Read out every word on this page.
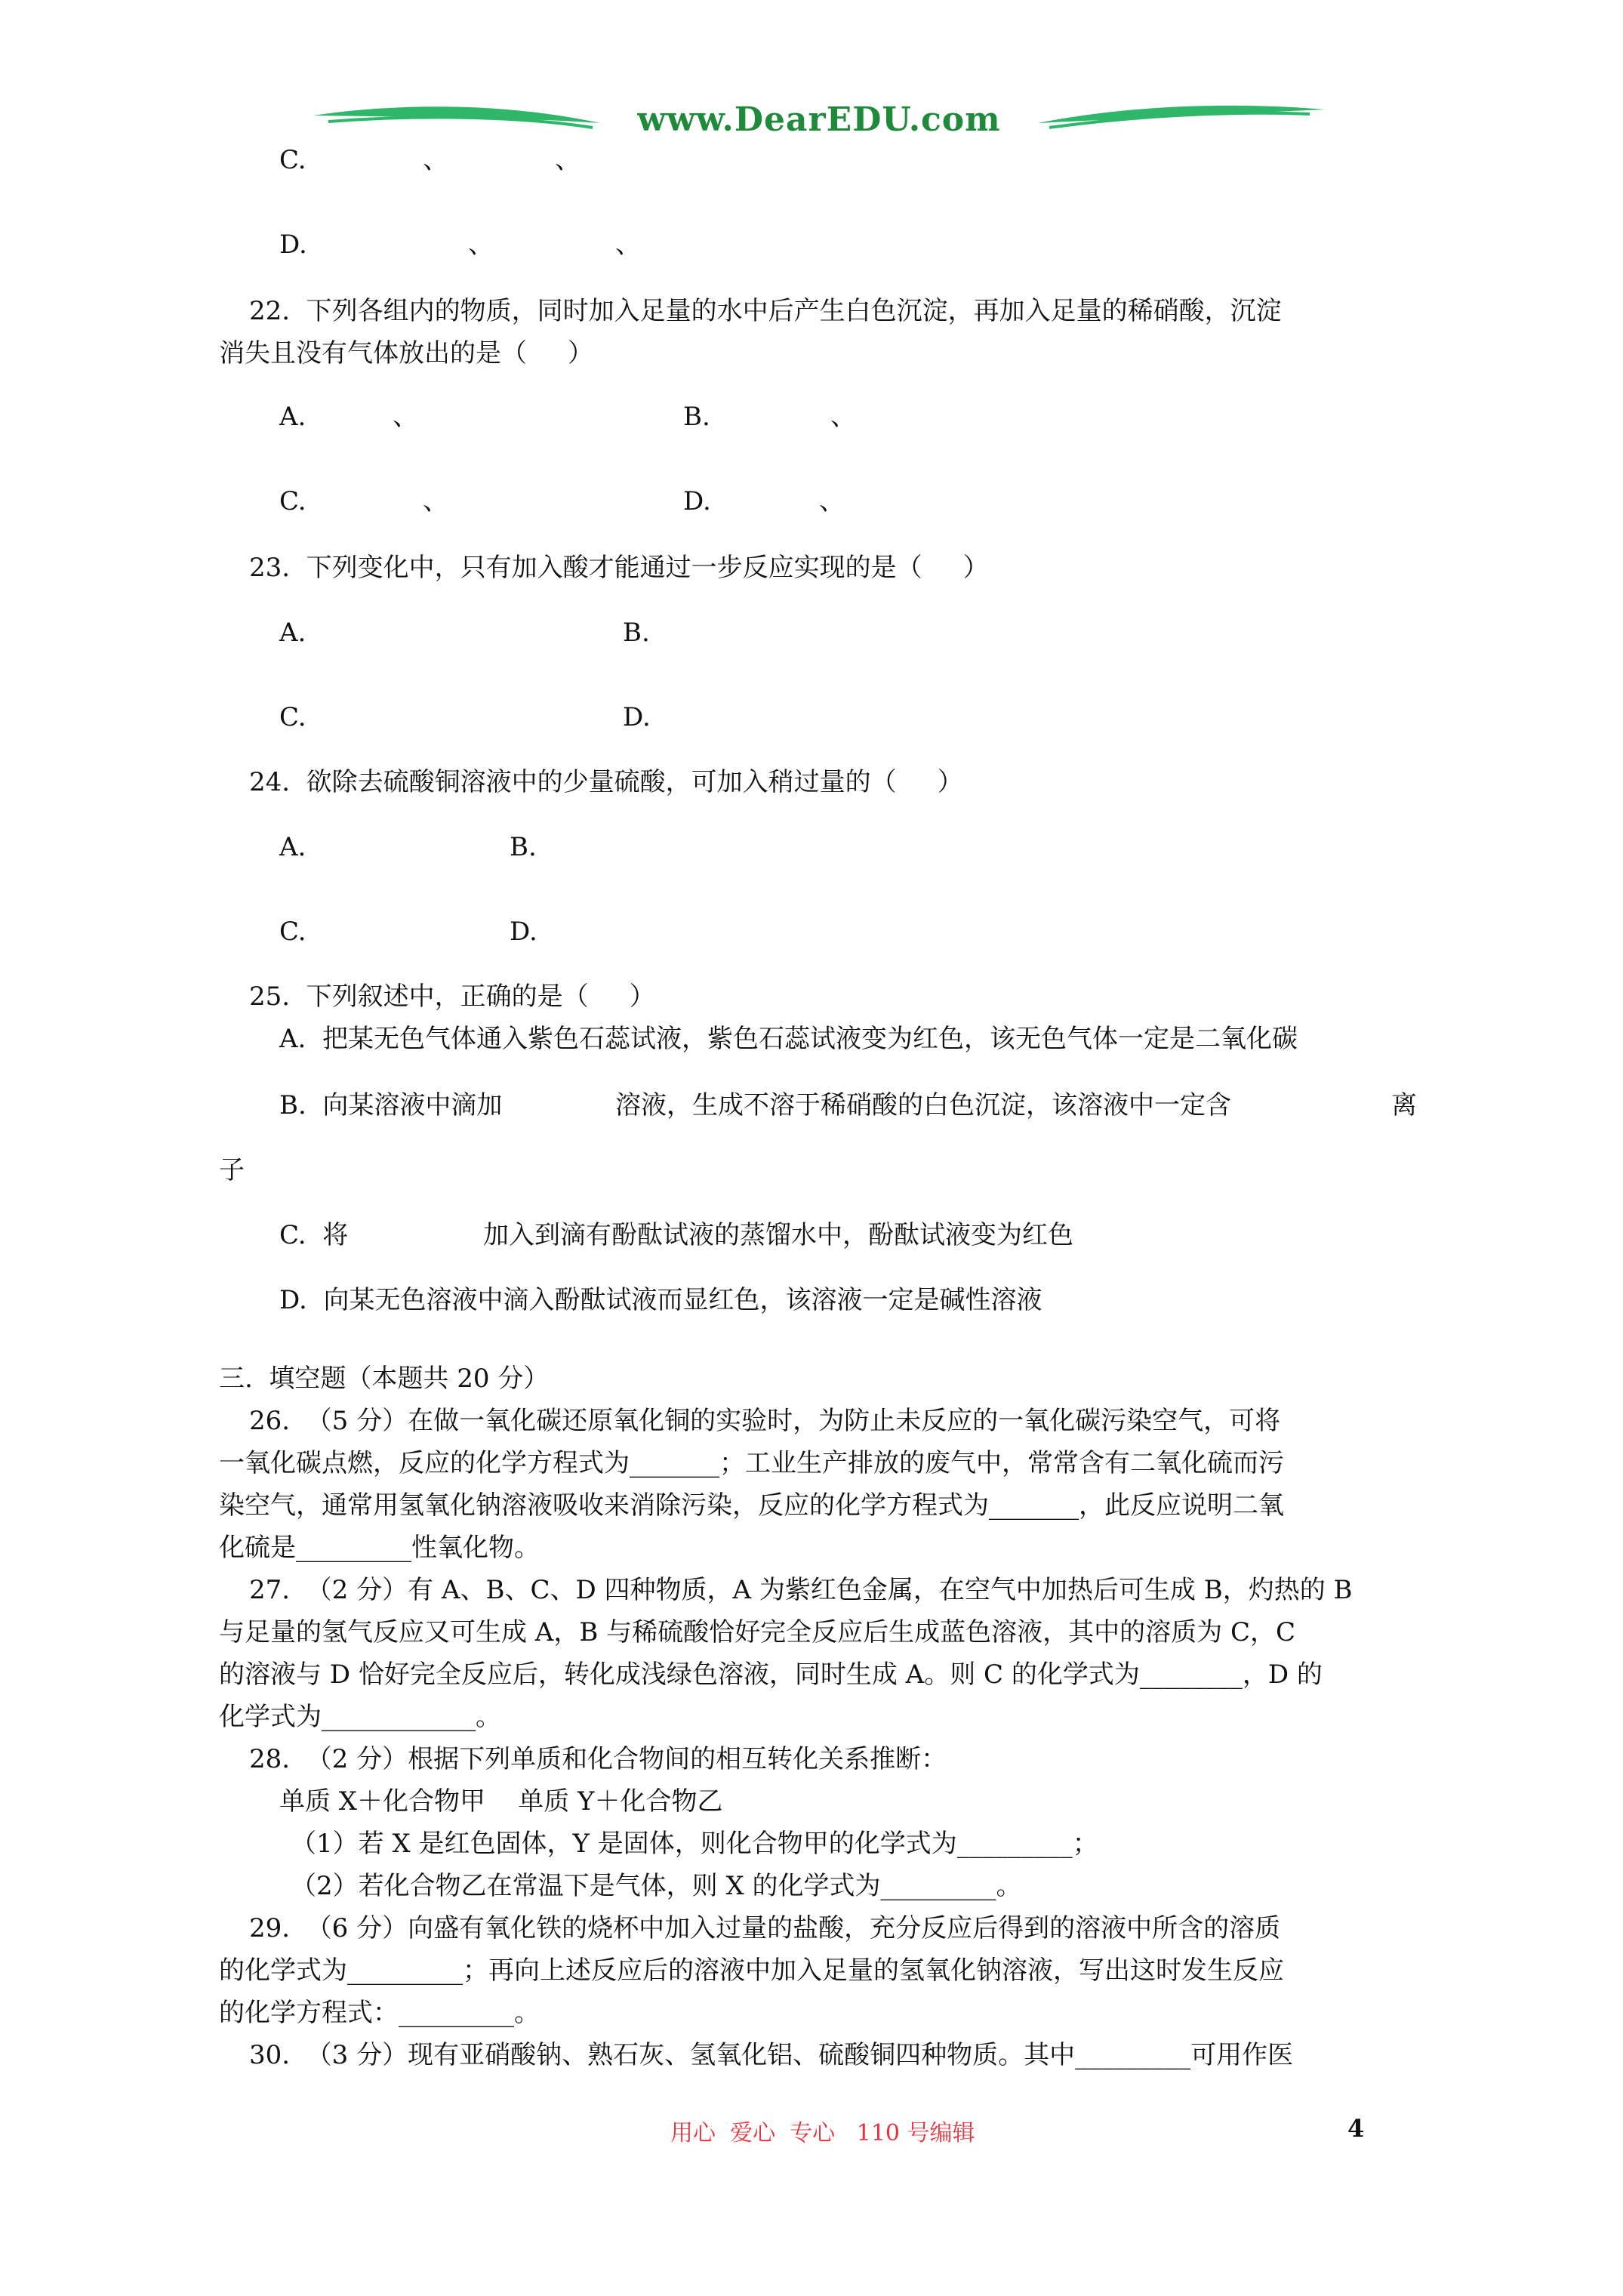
www.DearEDU.com
C.	、	、
D.	、	、
22.  下列各组内的物质，同时加入足量的水中后产生白色沉淀，再加入足量的稀硝酸，沉淀
消失且没有气体放出的是（     ）
A.	、	B.	、
C.	、	D.	、
23.  下列变化中，只有加入酸才能通过一步反应实现的是（     ）
A.	B.
C.	D.
24.  欲除去硫酸铜溶液中的少量硫酸，可加入稍过量的（     ）
A.	B.
C.	D.
25.  下列叙述中，正确的是（     ）
A.  把某无色气体通入紫色石蕊试液，紫色石蕊试液变为红色，该无色气体一定是二氧化碳
B.  向某溶液中滴加	溶液，生成不溶于稀硝酸的白色沉淀，该溶液中一定含	离
子
C.  将	加入到滴有酚酞试液的蒸馏水中，酚酞试液变为红色
D.  向某无色溶液中滴入酚酞试液而显红色，该溶液一定是碱性溶液
三.  填空题（本题共 20 分）
26.  （5 分）在做一氧化碳还原氧化铜的实验时，为防止未反应的一氧化碳污染空气，可将
一氧化碳点燃，反应的化学方程式为_______；工业生产排放的废气中，常常含有二氧化硫而污
染空气，通常用氢氧化钠溶液吸收来消除污染，反应的化学方程式为_______，此反应说明二氧
化硫是_________性氧化物。
27.  （2 分）有 A、B、C、D 四种物质，A 为紫红色金属，在空气中加热后可生成 B，灼热的 B
与足量的氢气反应又可生成 A，B 与稀硫酸恰好完全反应后生成蓝色溶液，其中的溶质为 C，C
的溶液与 D 恰好完全反应后，转化成浅绿色溶液，同时生成 A。则 C 的化学式为________，D 的
化学式为____________。
28.  （2 分）根据下列单质和化合物间的相互转化关系推断：
单质 X＋化合物甲    单质 Y＋化合物乙
（1）若 X 是红色固体，Y 是固体，则化合物甲的化学式为_________；
（2）若化合物乙在常温下是气体，则 X 的化学式为_________。
29.  （6 分）向盛有氧化铁的烧杯中加入过量的盐酸，充分反应后得到的溶液中所含的溶质
的化学式为_________；再向上述反应后的溶液中加入足量的氢氧化钠溶液，写出这时发生反应
的化学方程式：_________。
30.  （3 分）现有亚硝酸钠、熟石灰、氢氧化铝、硫酸铜四种物质。其中_________可用作医
用心  爱心  专心   110 号编辑	4
